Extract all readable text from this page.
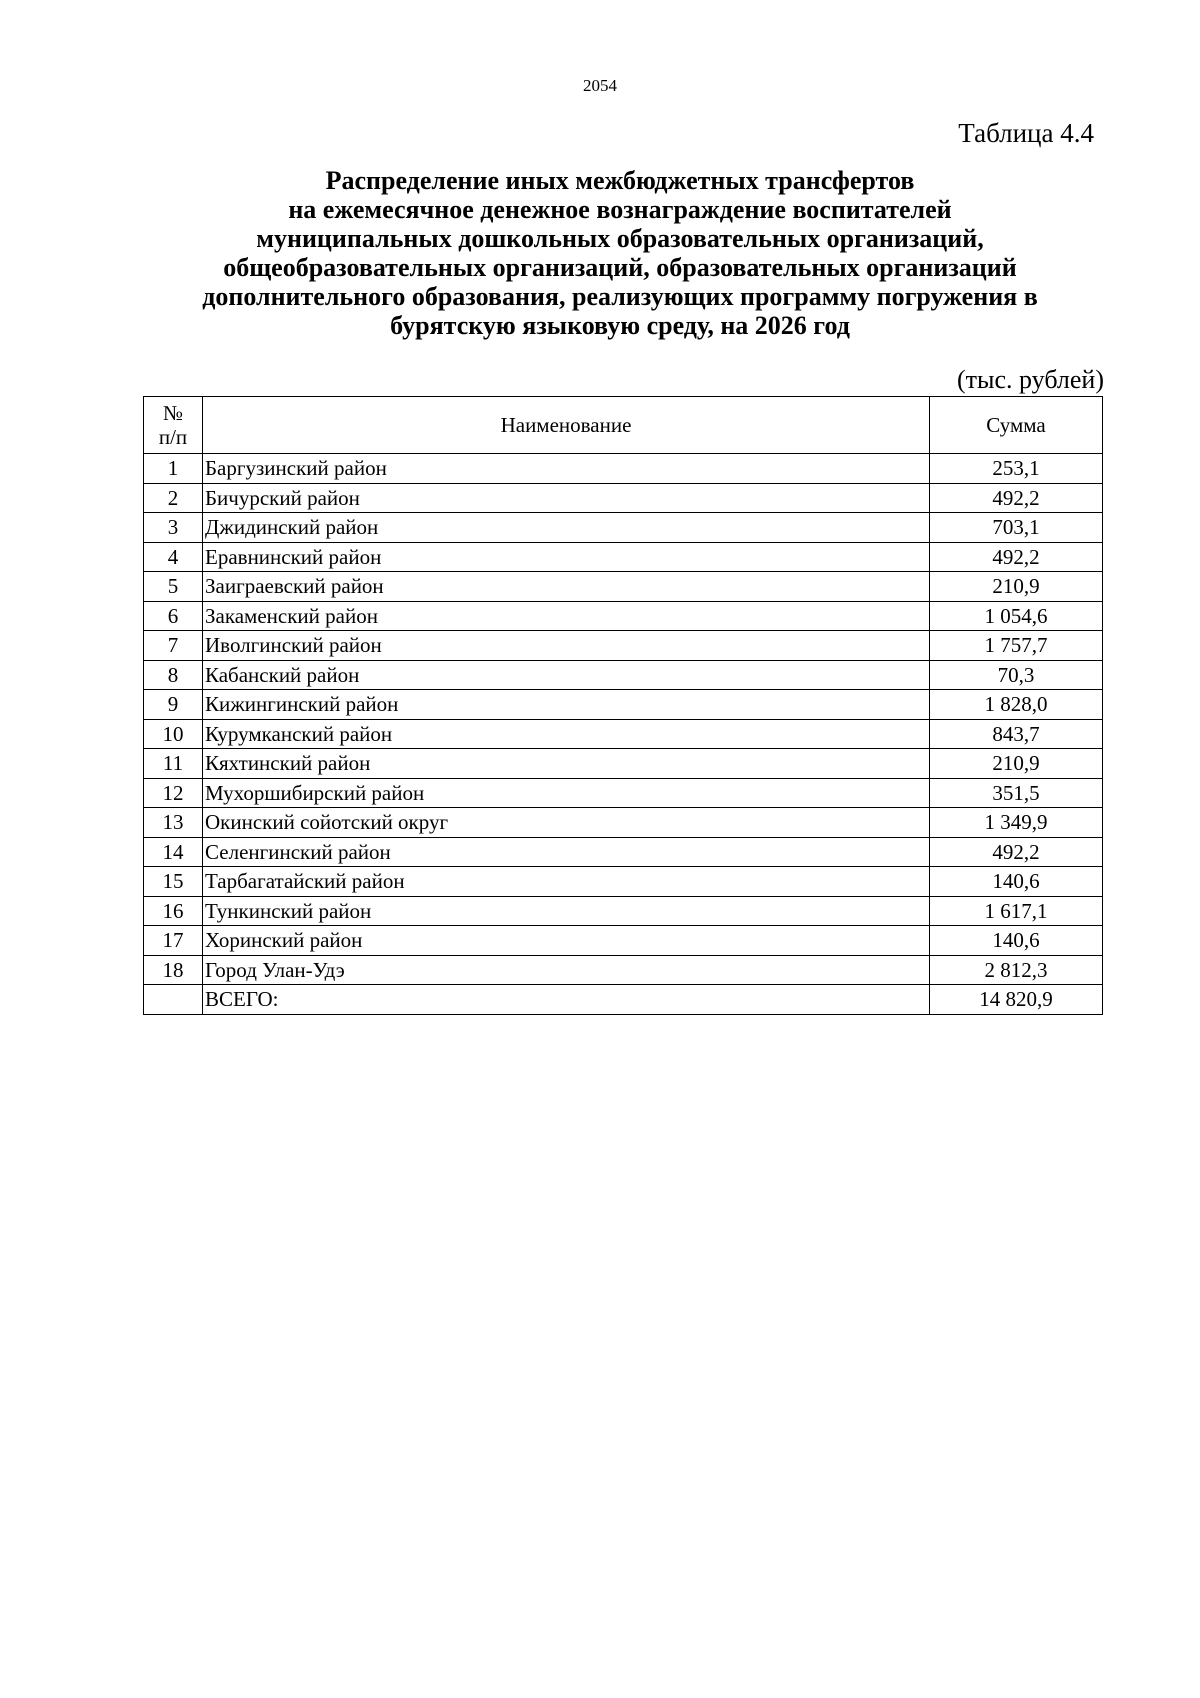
2054
Таблица 4.4
Распределение иных межбюджетных трансфертов
на ежемесячное денежное вознаграждение воспитателей
муниципальных дошкольных образовательных организаций,
общеобразовательных организаций, образовательных организаций
дополнительного образования, реализующих программу погружения в
бурятскую языковую среду, на 2026 год
(тыс. рублей)
№
п/п	Наименование	Сумма
1	Баргузинский район	253,1
2	Бичурский район	492,2
3	Джидинский район	703,1
4	Еравнинский район	492,2
5	Заиграевский район	210,9
6	Закаменский район	1 054,6
7	Иволгинский район	1 757,7
8	Кабанский район	70,3
9	Кижингинский район	1 828,0
10	Курумканский район	843,7
11	Кяхтинский район	210,9
12	Мухоршибирский район	351,5
13	Окинский сойотский округ	1 349,9
14	Селенгинский район	492,2
15	Тарбагатайский район	140,6
16	Тункинский район	1 617,1
17	Хоринский район	140,6
18	Город Улан-Удэ	2 812,3
	ВСЕГО:	14 820,9
